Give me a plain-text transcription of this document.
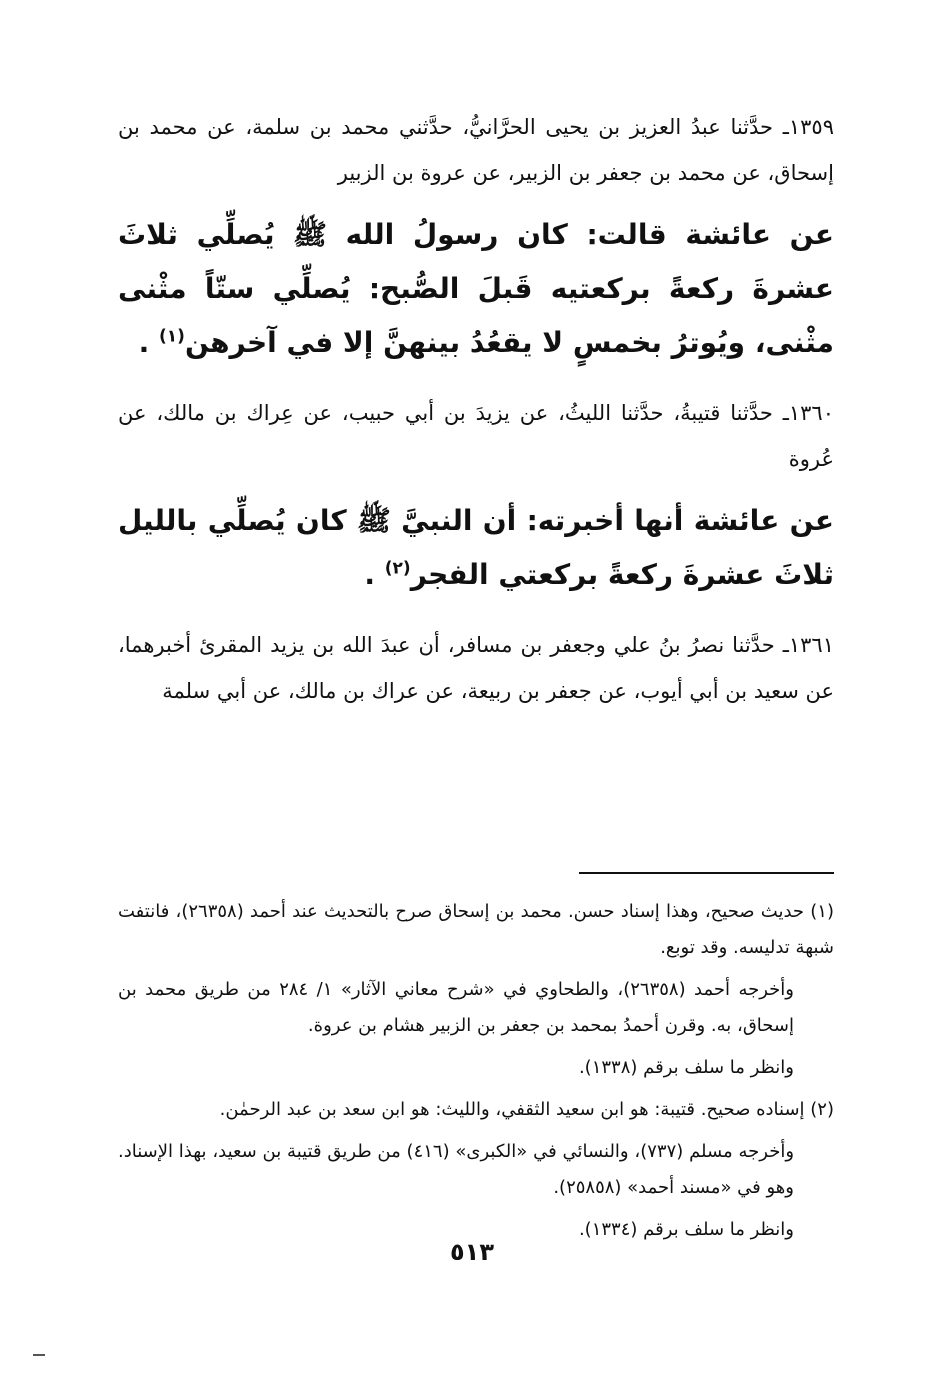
١٣٥٩ـ حدَّثنا عبدُ العزيز بن يحيى الحرَّانيُّ، حدَّثني محمد بن سلمة، عن محمد بن إسحاق، عن محمد بن جعفر بن الزبير، عن عروة بن الزبير

عن عائشة قالت: كان رسولُ الله ﷺ يُصلِّي ثلاثَ عشرةَ ركعةً بركعتيه قَبلَ الصُّبح: يُصلِّي ستّاً مثْنى مثْنى، ويُوترُ بخمسٍ لا يقعُدُ بينهنَّ إلا في آخرهن$^{(١)}$ .

١٣٦٠ـ حدَّثنا قتيبةُ، حدَّثنا الليثُ، عن يزيدَ بن أبي حبيب، عن عِراك بن مالك، عن عُروة

عن عائشة أنها أخبرته: أن النبيَّ ﷺ كان يُصلِّي بالليل ثلاثَ عشرةَ ركعةً بركعتي الفجر$^{(٢)}$ .

١٣٦١ـ حدَّثنا نصرُ بنُ علي وجعفر بن مسافر، أن عبدَ الله بن يزيد المقرئ أخبرهما، عن سعيد بن أبي أيوب، عن جعفر بن ربيعة، عن عراك بن مالك، عن أبي سلمة

(١) حديث صحيح، وهذا إسناد حسن. محمد بن إسحاق صرح بالتحديث عند أحمد (٢٦٣٥٨)، فانتفت شبهة تدليسه. وقد توبع.

وأخرجه أحمد (٢٦٣٥٨)، والطحاوي في «شرح معاني الآثار» ١/ ٢٨٤ من طريق محمد بن إسحاق، به. وقرن أحمدُ بمحمد بن جعفر بن الزبير هشام بن عروة.

وانظر ما سلف برقم (١٣٣٨).

(٢) إسناده صحيح. قتيبة: هو ابن سعيد الثقفي، والليث: هو ابن سعد بن عبد الرحمٰن.

وأخرجه مسلم (٧٣٧)، والنسائي في «الكبرى» (٤١٦) من طريق قتيبة بن سعيد، بهذا الإسناد. وهو في «مسند أحمد» (٢٥٨٥٨).

وانظر ما سلف برقم (١٣٣٤).

٥١٣
